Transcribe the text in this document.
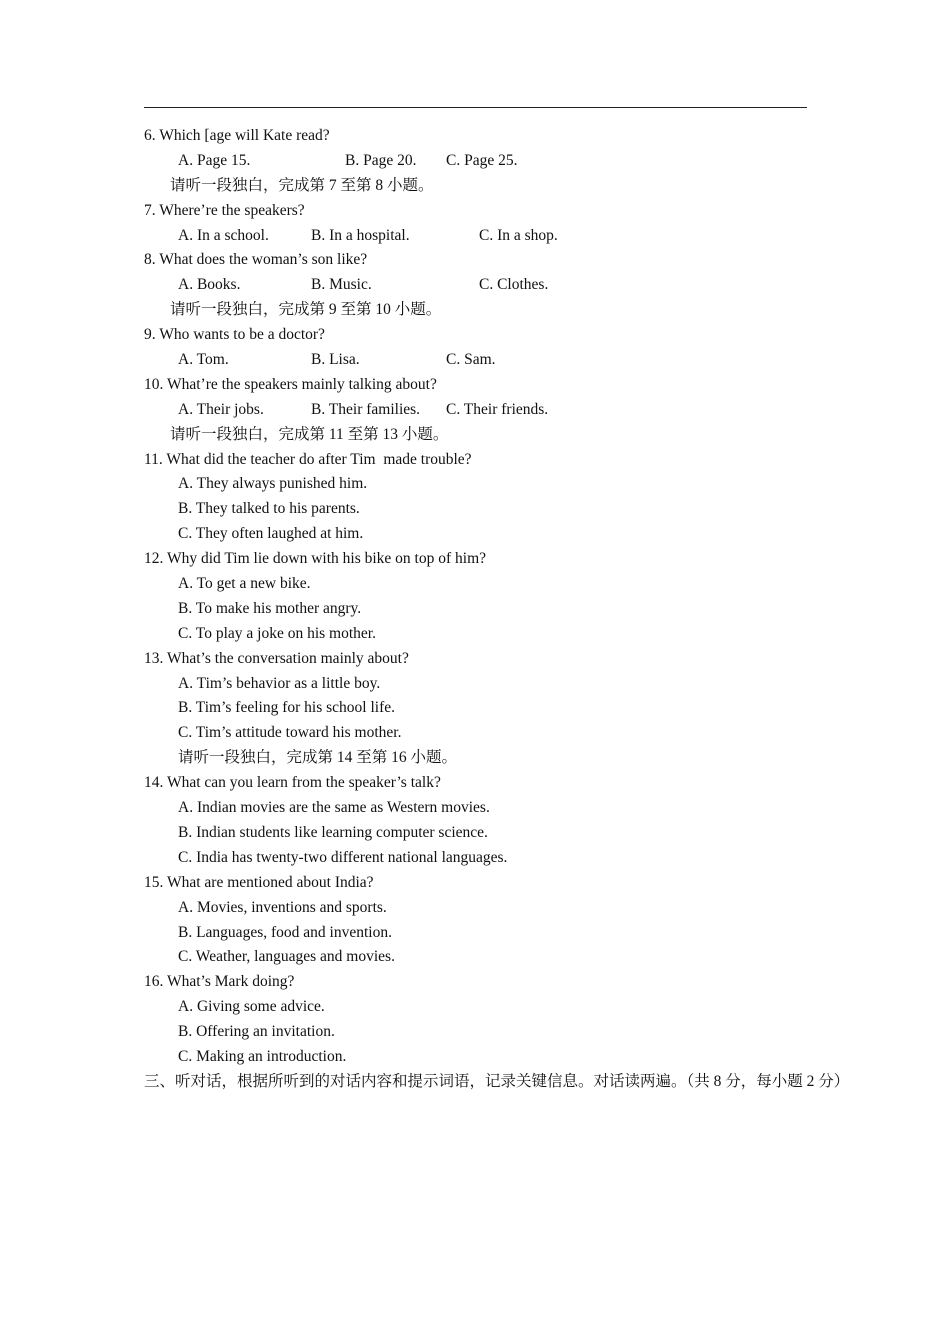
6. Which [age will Kate read?

A. Page 15.

	B. Page 20.

C. Page 25.

请听一段独白，完成第 7 至第 8 小题。
7. Where’re the speakers?

A. In a school.

	B. In a hospital.

	C. In a shop.

8. What does the woman’s son like?

A. Books.

	B. Music.

	C. Clothes.

请听一段独白，完成第 9 至第 10 小题。
9. Who wants to be a doctor?

A. Tom.

	B. Lisa.

	C. Sam.

10. What’re the speakers mainly talking about?

A. Their jobs.

	B. Their families.

C. Their friends.

请听一段独白，完成第 11 至第 13 小题。
11. What did the teacher do after Tim  made trouble?
A. They always punished him.
B. They talked to his parents.
C. They often laughed at him.
12. Why did Tim lie down with his bike on top of him?
A. To get a new bike.
B. To make his mother angry.
C. To play a joke on his mother.
13. What’s the conversation mainly about?
A. Tim’s behavior as a little boy.
B. Tim’s feeling for his school life.
C. Tim’s attitude toward his mother.
请听一段独白，完成第 14 至第 16 小题。
14. What can you learn from the speaker’s talk?
A. Indian movies are the same as Western movies.
B. Indian students like learning computer science.
C. India has twenty-two different national languages.
15. What are mentioned about India?
A. Movies, inventions and sports.
B. Languages, food and invention.
C. Weather, languages and movies.
16. What’s Mark doing?
A. Giving some advice.
B. Offering an invitation.
C. Making an introduction.
三、听对话，根据所听到的对话内容和提示词语，记录关键信息。对话读两遍。（共 8 分，每小题 2 分）
